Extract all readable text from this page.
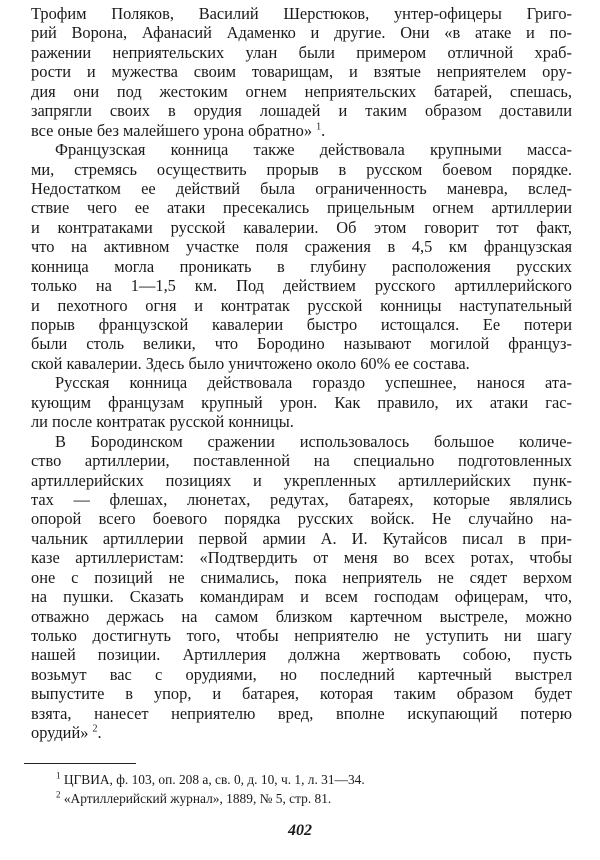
Трофим Поляков, Василий Шерстюков, унтер-офицеры Григо-
рий Ворона, Афанасий Адаменко и другие. Они «в атаке и по-
ражении неприятельских улан были примером отличной храб-
рости и мужества своим товарищам, и взятые неприятелем ору-
дия они под жестоким огнем неприятельских батарей, спешась,
запрягли своих в орудия лошадей и таким образом доставили
все оные без малейшего урона обратно» $^1$.
Французская конница также действовала крупными масса-
ми, стремясь осуществить прорыв в русском боевом порядке.
Недостатком ее действий была ограниченность маневра, вслед-
ствие чего ее атаки пресекались прицельным огнем артиллерии
и контратаками русской кавалерии. Об этом говорит тот факт,
что на активном участке поля сражения в 4,5 км французская
конница могла проникать в глубину расположения русских
только на 1—1,5 км. Под действием русского артиллерийского
и пехотного огня и контратак русской конницы наступательный
порыв французской кавалерии быстро истощался. Ее потери
были столь велики, что Бородино называют могилой француз-
ской кавалерии. Здесь было уничтожено около 60% ее состава.
Русская конница действовала гораздо успешнее, нанося ата-
кующим французам крупный урон. Как правило, их атаки гас-
ли после контратак русской конницы.
В Бородинском сражении использовалось большое количе-
ство артиллерии, поставленной на специально подготовленных
артиллерийских позициях и укрепленных артиллерийских пунк-
тах — флешах, люнетах, редутах, батареях, которые являлись
опорой всего боевого порядка русских войск. Не случайно на-
чальник артиллерии первой армии А. И. Кутайсов писал в при-
казе артиллеристам: «Подтвердить от меня во всех ротах, чтобы
оне с позиций не снимались, пока неприятель не сядет верхом
на пушки. Сказать командирам и всем господам офицерам, что,
отважно держась на самом близком картечном выстреле, можно
только достигнуть того, чтобы неприятелю не уступить ни шагу
нашей позиции. Артиллерия должна жертвовать собою, пусть
возьмут вас с орудиями, но последний картечный выстрел
выпустите в упор, и батарея, которая таким образом будет
взята, нанесет неприятелю вред, вполне искупающий потерю
орудий» $^2$.
$^1$ ЦГВИА, ф. 103, оп. 208 а, св. 0, д. 10, ч. 1, л. 31—34.
$^2$ «Артиллерийский журнал», 1889, № 5, стр. 81.
402
